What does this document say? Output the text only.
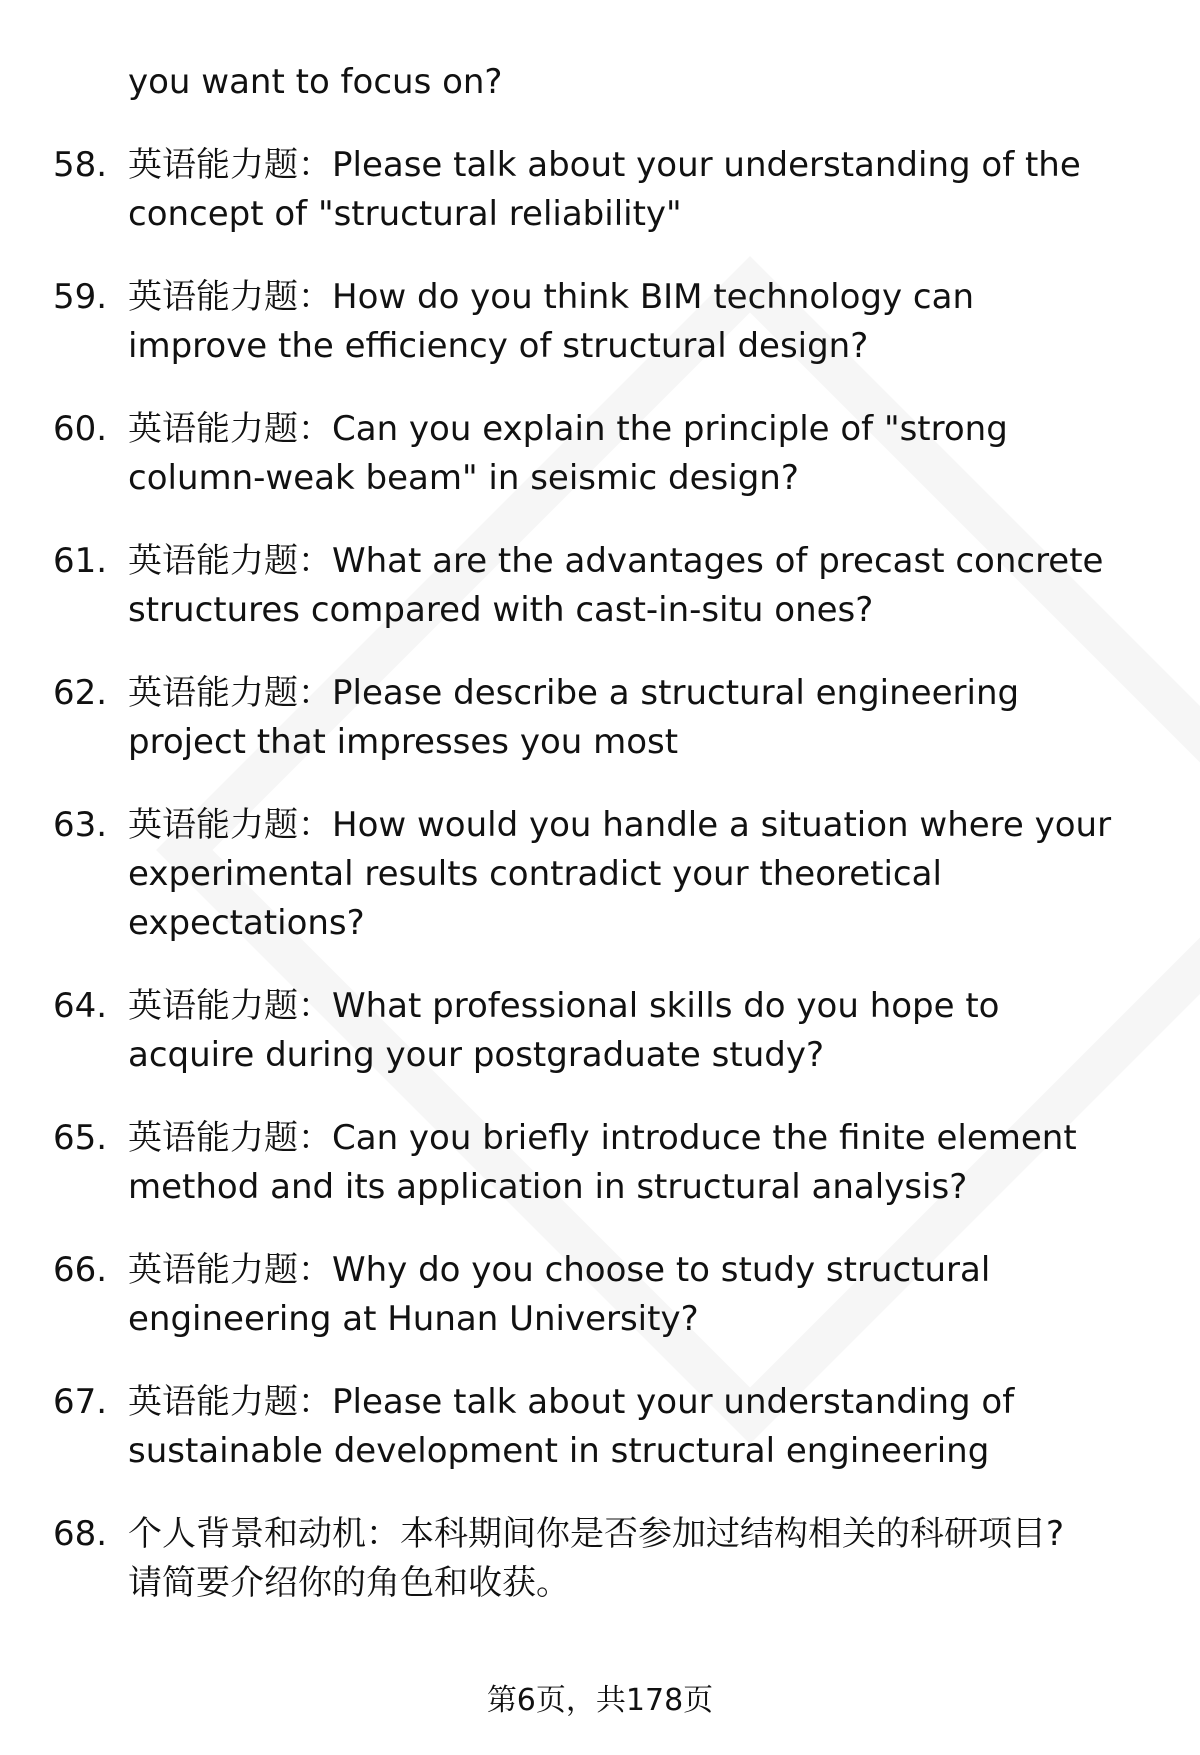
you want to focus on?
58. 英语能力题：Please talk about your understanding of the
concept of "structural reliability"
59. 英语能力题：How do you think BIM technology can
improve the efficiency of structural design?
60. 英语能力题：Can you explain the principle of "strong
column-weak beam" in seismic design?
61. 英语能力题：What are the advantages of precast concrete
structures compared with cast-in-situ ones?
62. 英语能力题：Please describe a structural engineering
project that impresses you most
63. 英语能力题：How would you handle a situation where your
experimental results contradict your theoretical
expectations?
64. 英语能力题：What professional skills do you hope to
acquire during your postgraduate study?
65. 英语能力题：Can you briefly introduce the finite element
method and its application in structural analysis?
66. 英语能力题：Why do you choose to study structural
engineering at Hunan University?
67. 英语能力题：Please talk about your understanding of
sustainable development in structural engineering
68. 个人背景和动机：本科期间你是否参加过结构相关的科研项目?
请简要介绍你的角色和收获。
第6页，共178页
